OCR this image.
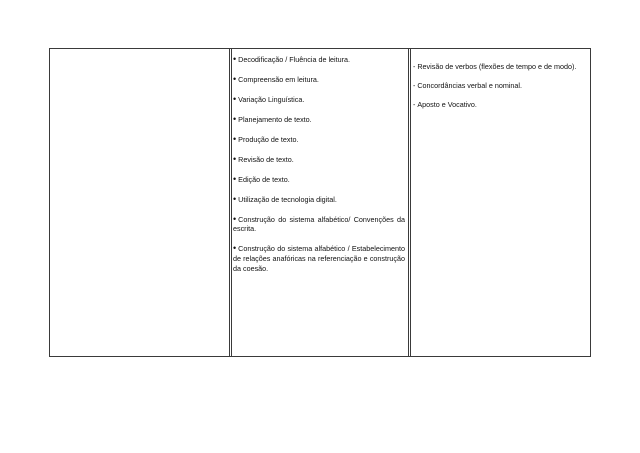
• Decodificação / Fluência de leitura.

• Compreensão em leitura.

• Variação Linguística.

• Planejamento de texto.

• Produção de texto.

• Revisão de texto.

• Edição de texto.

• Utilização de tecnologia digital.

• Construção do sistema alfabético/ Convenções da escrita.

• Construção do sistema alfabético / Estabelecimento de relações anafóricas na referenciação e construção da coesão.

- Revisão de verbos (flexões de tempo e de modo).

- Concordâncias verbal e nominal.

- Aposto e Vocativo.
